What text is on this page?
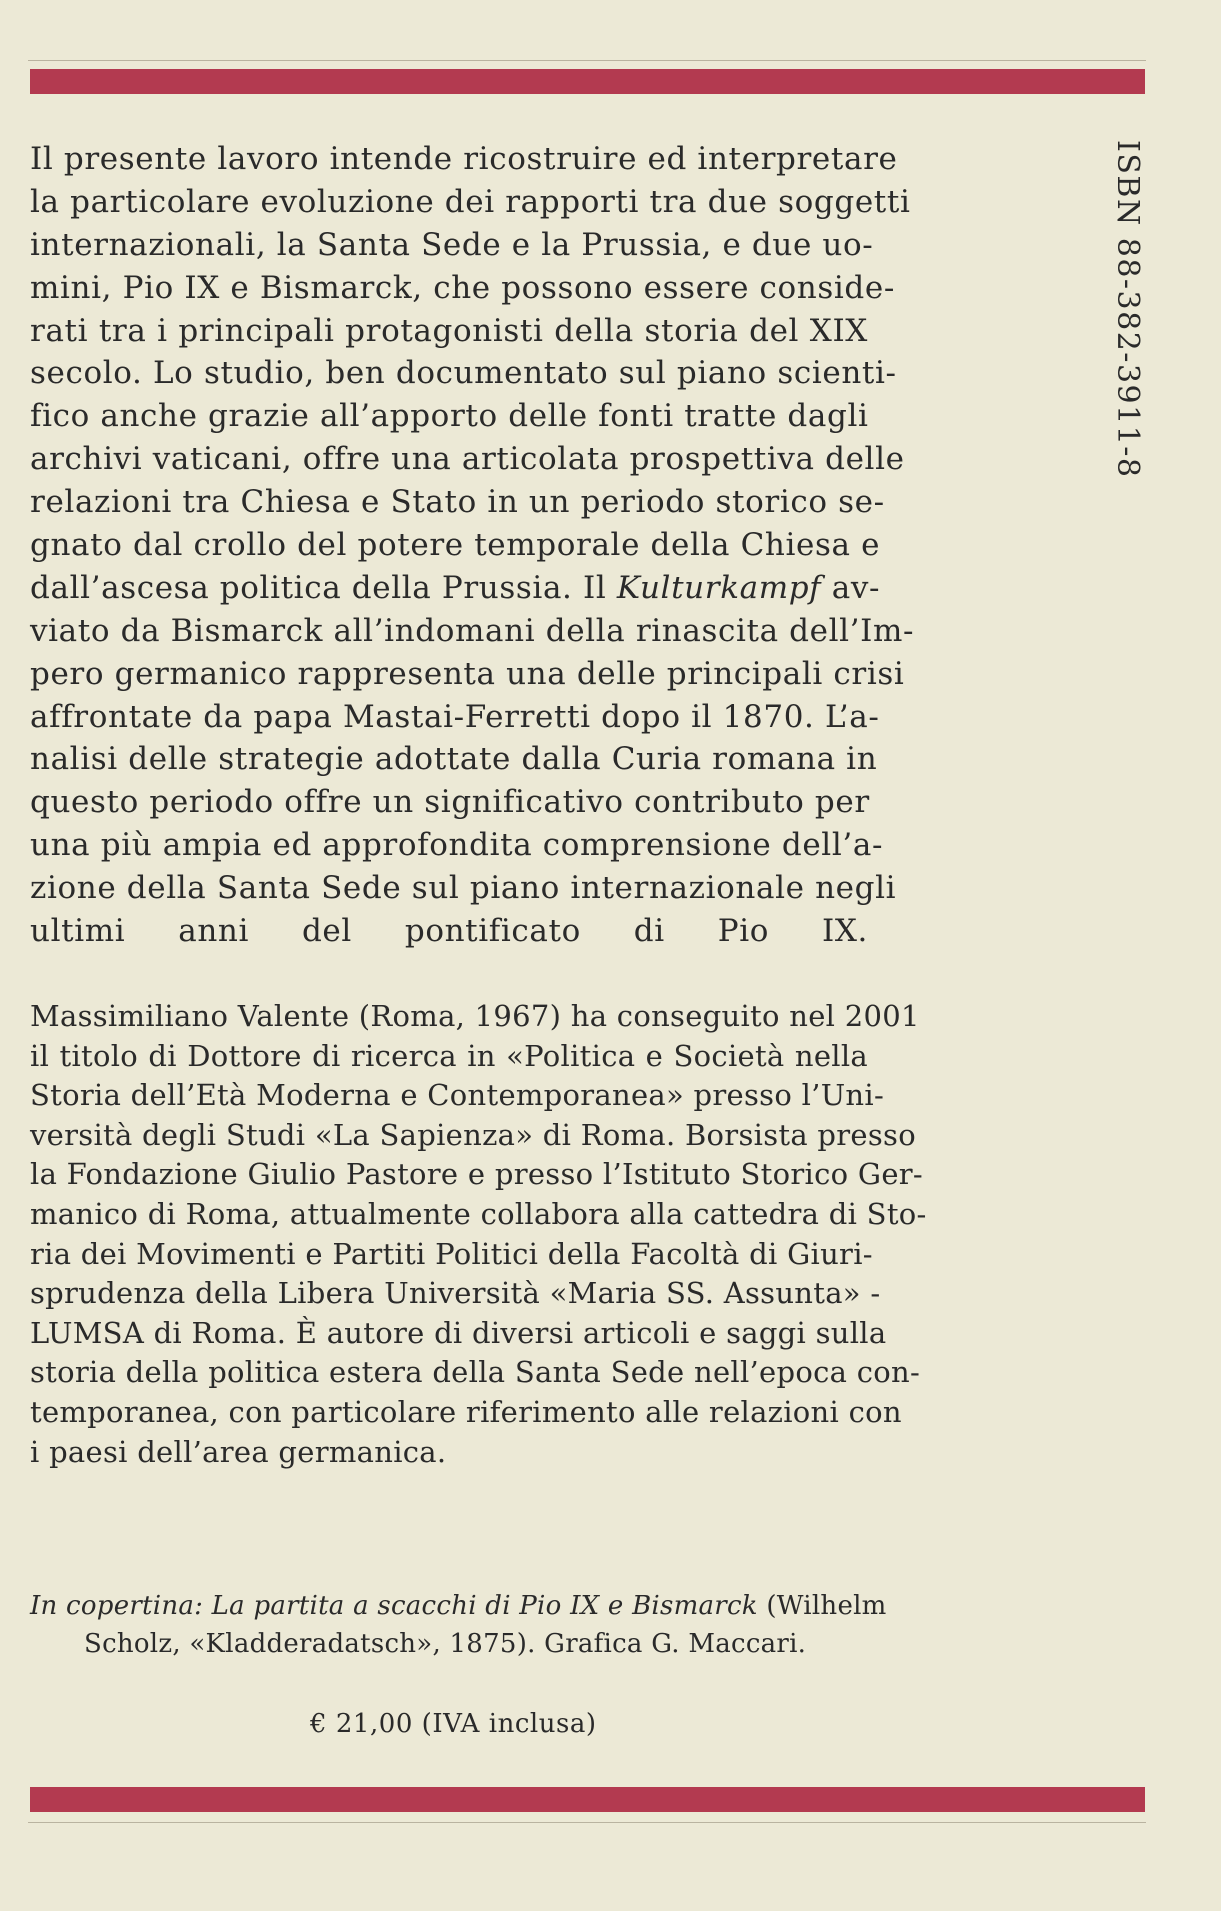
ISBN 88-382-3911-8
Il presente lavoro intende ricostruire ed interpretare
la particolare evoluzione dei rapporti tra due soggetti
internazionali, la Santa Sede e la Prussia, e due uo-
mini, Pio IX e Bismarck, che possono essere conside-
rati tra i principali protagonisti della storia del XIX
secolo. Lo studio, ben documentato sul piano scienti-
fico anche grazie all’apporto delle fonti tratte dagli
archivi vaticani, offre una articolata prospettiva delle
relazioni tra Chiesa e Stato in un periodo storico se-
gnato dal crollo del potere temporale della Chiesa e
dall’ascesa politica della Prussia. Il Kulturkampf av-
viato da Bismarck all’indomani della rinascita dell’Im-
pero germanico rappresenta una delle principali crisi
affrontate da papa Mastai-Ferretti dopo il 1870. L’a-
nalisi delle strategie adottate dalla Curia romana in
questo periodo offre un significativo contributo per
una più ampia ed approfondita comprensione dell’a-
zione della Santa Sede sul piano internazionale negli
ultimi anni del pontificato di Pio IX.
Massimiliano Valente (Roma, 1967) ha conseguito nel 2001
il titolo di Dottore di ricerca in «Politica e Società nella
Storia dell’Età Moderna e Contemporanea» presso l’Uni-
versità degli Studi «La Sapienza» di Roma. Borsista presso
la Fondazione Giulio Pastore e presso l’Istituto Storico Ger-
manico di Roma, attualmente collabora alla cattedra di Sto-
ria dei Movimenti e Partiti Politici della Facoltà di Giuri-
sprudenza della Libera Università «Maria SS. Assunta» -
LUMSA di Roma. È autore di diversi articoli e saggi sulla
storia della politica estera della Santa Sede nell’epoca con-
temporanea, con particolare riferimento alle relazioni con
i paesi dell’area germanica.
In copertina: La partita a scacchi di Pio IX e Bismarck (Wilhelm
Scholz, «Kladderadatsch», 1875). Grafica G. Maccari.
€ 21,00 (IVA inclusa)
